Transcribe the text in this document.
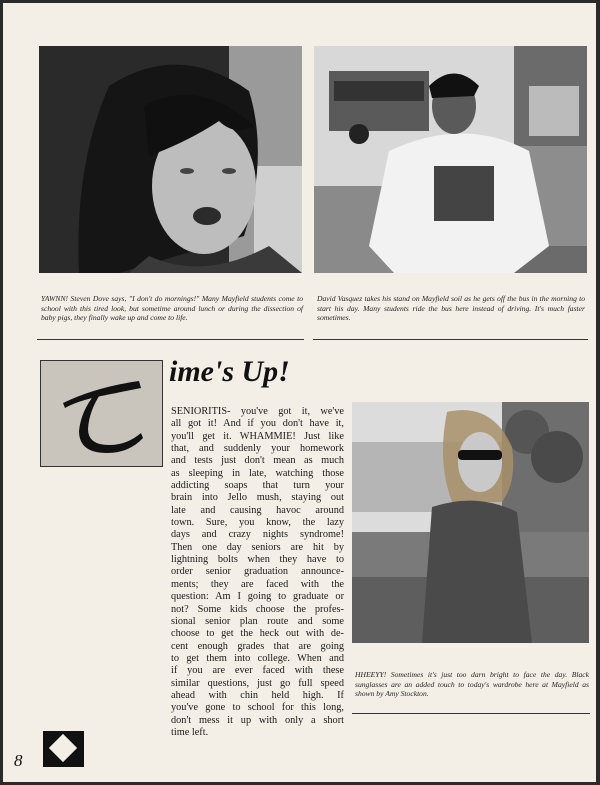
YAWNN! Steven Dove says, "I don't do mornings!" Many Mayfield students come to school with this tired look, but sometime around lunch or during the dissection of baby pigs, they finally wake up and come to life.
David Vasquez takes his stand on Mayfield soil as he gets off the bus in the morning to start his day. Many students ride the bus here instead of driving. It's much faster sometimes.
ime's Up!
SENIORITIS- you've got it, we've
all got it! And if you don't have it,
you'll get it. WHAMMIE! Just like
that, and suddenly your homework
and tests just don't mean as much
as sleeping in late, watching those
addicting soaps that turn your
brain into Jello mush, staying out
late and causing havoc around
town. Sure, you know, the lazy
days and crazy nights syndrome!
Then one day seniors are hit by
lightning bolts when they have to
order senior graduation announce-
ments; they are faced with the
question: Am I going to graduate or
not? Some kids choose the profes-
sional senior plan route and some
choose to get the heck out with de-
cent enough grades that are going
to get them into college. When and
if you are ever faced with these
similar questions, just go full speed
ahead with chin held high. If
you've gone to school for this long,
don't mess it up with only a short
time left.
HHEEYY! Sometimes it's just too darn bright to face the day. Black sunglasses are an added touch to today's wardrobe here at Mayfield as shown by Amy Stockton.
8
